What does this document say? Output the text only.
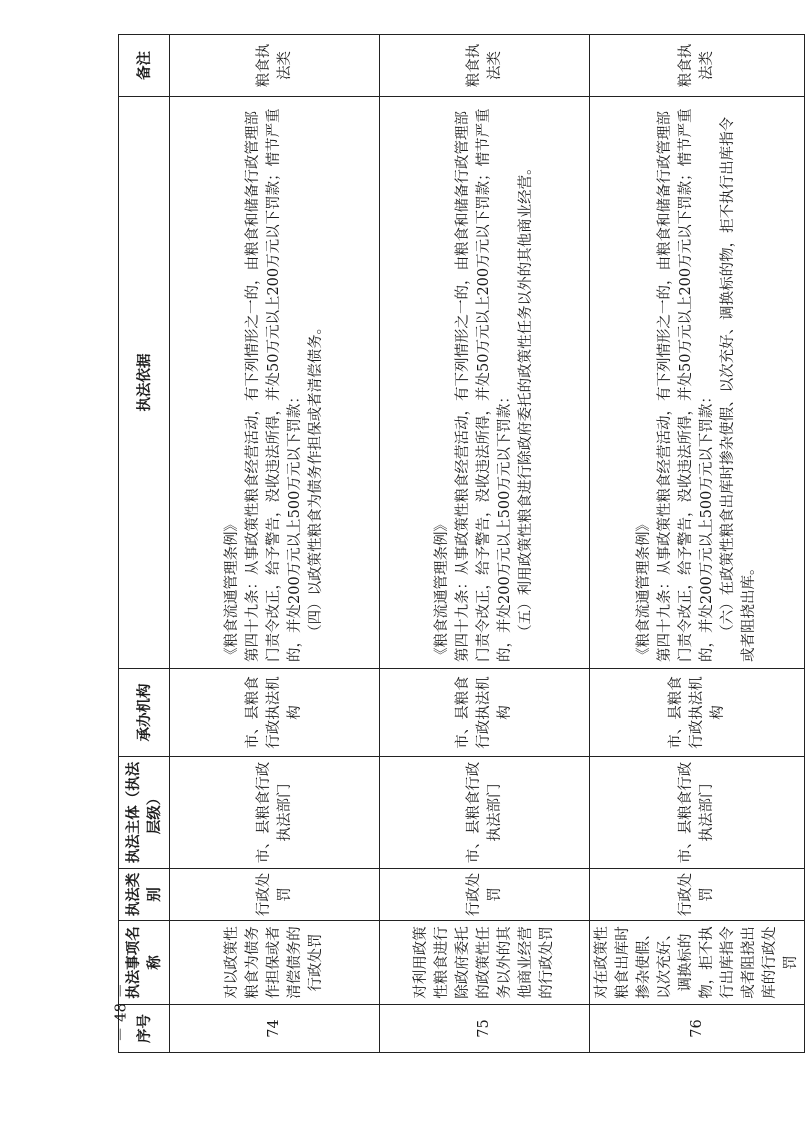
序号	执法事项名称	执法类别	执法主体（执法层级）	承办机构	执法依据	备注
74	对以政策性粮食为债务作担保或者清偿债务的行政处罚	行政处罚	市、县粮食行政执法部门	市、县粮食行政执法机构	《粮食流通管理条例》 第四十九条：从事政策性粮食经营活动，有下列情形之一的，由粮食和储备行政管理部门责令改正，给予警告，没收违法所得，并处50万元以上200万元以下罚款；情节严重的，并处200万元以上500万元以下罚款： （四）以政策性粮食为债务作担保或者清偿债务。	粮食执法类
75	对利用政策性粮食进行除政府委托的政策性任务以外的其他商业经营的行政处罚	行政处罚	市、县粮食行政执法部门	市、县粮食行政执法机构	《粮食流通管理条例》 第四十九条：从事政策性粮食经营活动，有下列情形之一的，由粮食和储备行政管理部门责令改正，给予警告，没收违法所得，并处50万元以上200万元以下罚款；情节严重的，并处200万元以上500万元以下罚款： （五）利用政策性粮食进行除政府委托的政策性任务以外的其他商业经营。	粮食执法类
76	对在政策性粮食出库时掺杂使假、以次充好、调换标的物，拒不执行出库指令或者阻挠出库的行政处罚	行政处罚	市、县粮食行政执法部门	市、县粮食行政执法机构	《粮食流通管理条例》 第四十九条：从事政策性粮食经营活动，有下列情形之一的，由粮食和储备行政管理部门责令改正，给予警告，没收违法所得，并处50万元以上200万元以下罚款；情节严重的，并处200万元以上500万元以下罚款： （六）在政策性粮食出库时掺杂使假、以次充好、调换标的物，拒不执行出库指令或者阻挠出库。	粮食执法类
－ 48 －
